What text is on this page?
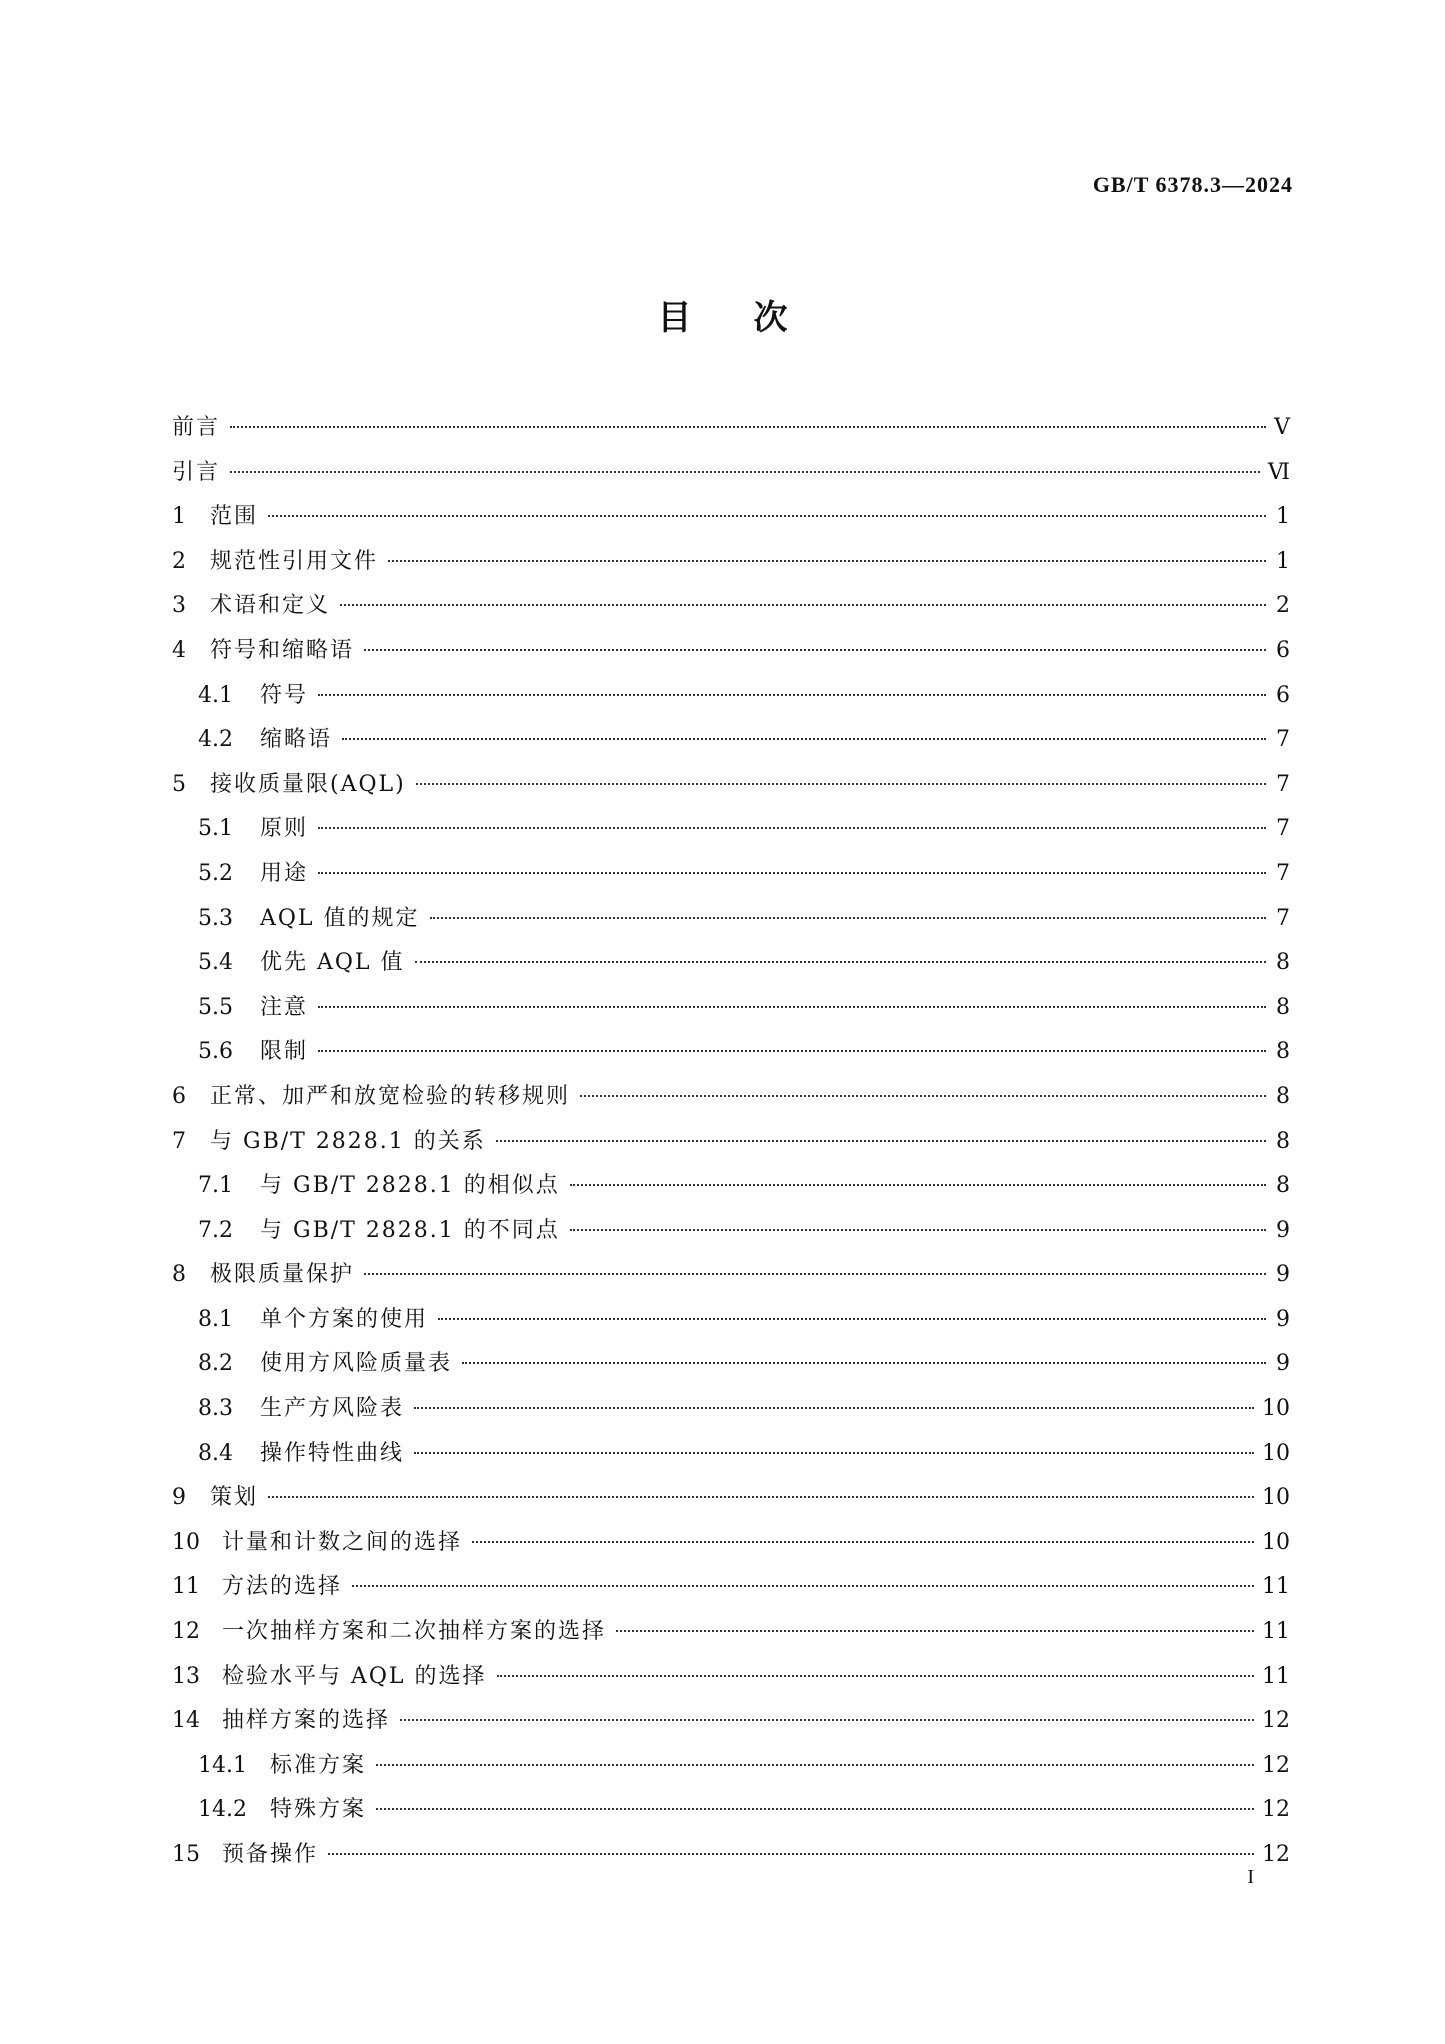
GB/T 6378.3—2024
目次
前言	Ⅴ
引言	Ⅵ
1	范围	1
2	规范性引用文件	1
3	术语和定义	2
4	符号和缩略语	6
4.1	符号	6
4.2	缩略语	7
5	接收质量限(AQL)	7
5.1	原则	7
5.2	用途	7
5.3	AQL 值的规定	7
5.4	优先 AQL 值	8
5.5	注意	8
5.6	限制	8
6	正常、加严和放宽检验的转移规则	8
7	与 GB/T 2828.1 的关系	8
7.1	与 GB/T 2828.1 的相似点	8
7.2	与 GB/T 2828.1 的不同点	9
8	极限质量保护	9
8.1	单个方案的使用	9
8.2	使用方风险质量表	9
8.3	生产方风险表	10
8.4	操作特性曲线	10
9	策划	10
10	计量和计数之间的选择	10
11	方法的选择	11
12	一次抽样方案和二次抽样方案的选择	11
13	检验水平与 AQL 的选择	11
14	抽样方案的选择	12
14.1	标准方案	12
14.2	特殊方案	12
15	预备操作	12
I
